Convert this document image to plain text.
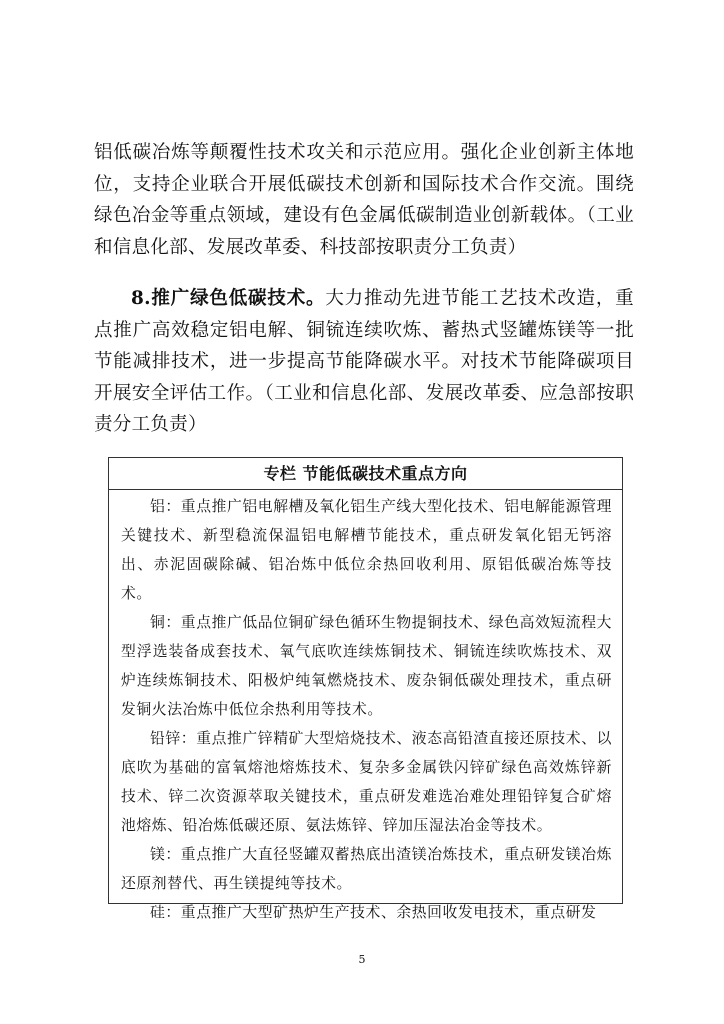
铝低碳冶炼等颠覆性技术攻关和示范应用。强化企业创新主体地位，支持企业联合开展低碳技术创新和国际技术合作交流。围绕绿色冶金等重点领域，建设有色金属低碳制造业创新载体。（工业和信息化部、发展改革委、科技部按职责分工负责）

8.推广绿色低碳技术。大力推动先进节能工艺技术改造，重点推广高效稳定铝电解、铜锍连续吹炼、蓄热式竖罐炼镁等一批节能减排技术，进一步提高节能降碳水平。对技术节能降碳项目开展安全评估工作。（工业和信息化部、发展改革委、应急部按职责分工负责）

专栏 节能低碳技术重点方向

铝：重点推广铝电解槽及氧化铝生产线大型化技术、铝电解能源管理关键技术、新型稳流保温铝电解槽节能技术，重点研发氧化铝无钙溶出、赤泥固碳除碱、铝冶炼中低位余热回收利用、原铝低碳冶炼等技术。

铜：重点推广低品位铜矿绿色循环生物提铜技术、绿色高效短流程大型浮选装备成套技术、氧气底吹连续炼铜技术、铜锍连续吹炼技术、双炉连续炼铜技术、阳极炉纯氧燃烧技术、废杂铜低碳处理技术，重点研发铜火法冶炼中低位余热利用等技术。

铅锌：重点推广锌精矿大型焙烧技术、液态高铅渣直接还原技术、以底吹为基础的富氧熔池熔炼技术、复杂多金属铁闪锌矿绿色高效炼锌新技术、锌二次资源萃取关键技术，重点研发难选冶难处理铅锌复合矿熔池熔炼、铅冶炼低碳还原、氨法炼锌、锌加压湿法冶金等技术。

镁：重点推广大直径竖罐双蓄热底出渣镁冶炼技术，重点研发镁冶炼还原剂替代、再生镁提纯等技术。

硅：重点推广大型矿热炉生产技术、余热回收发电技术，重点研发

5
